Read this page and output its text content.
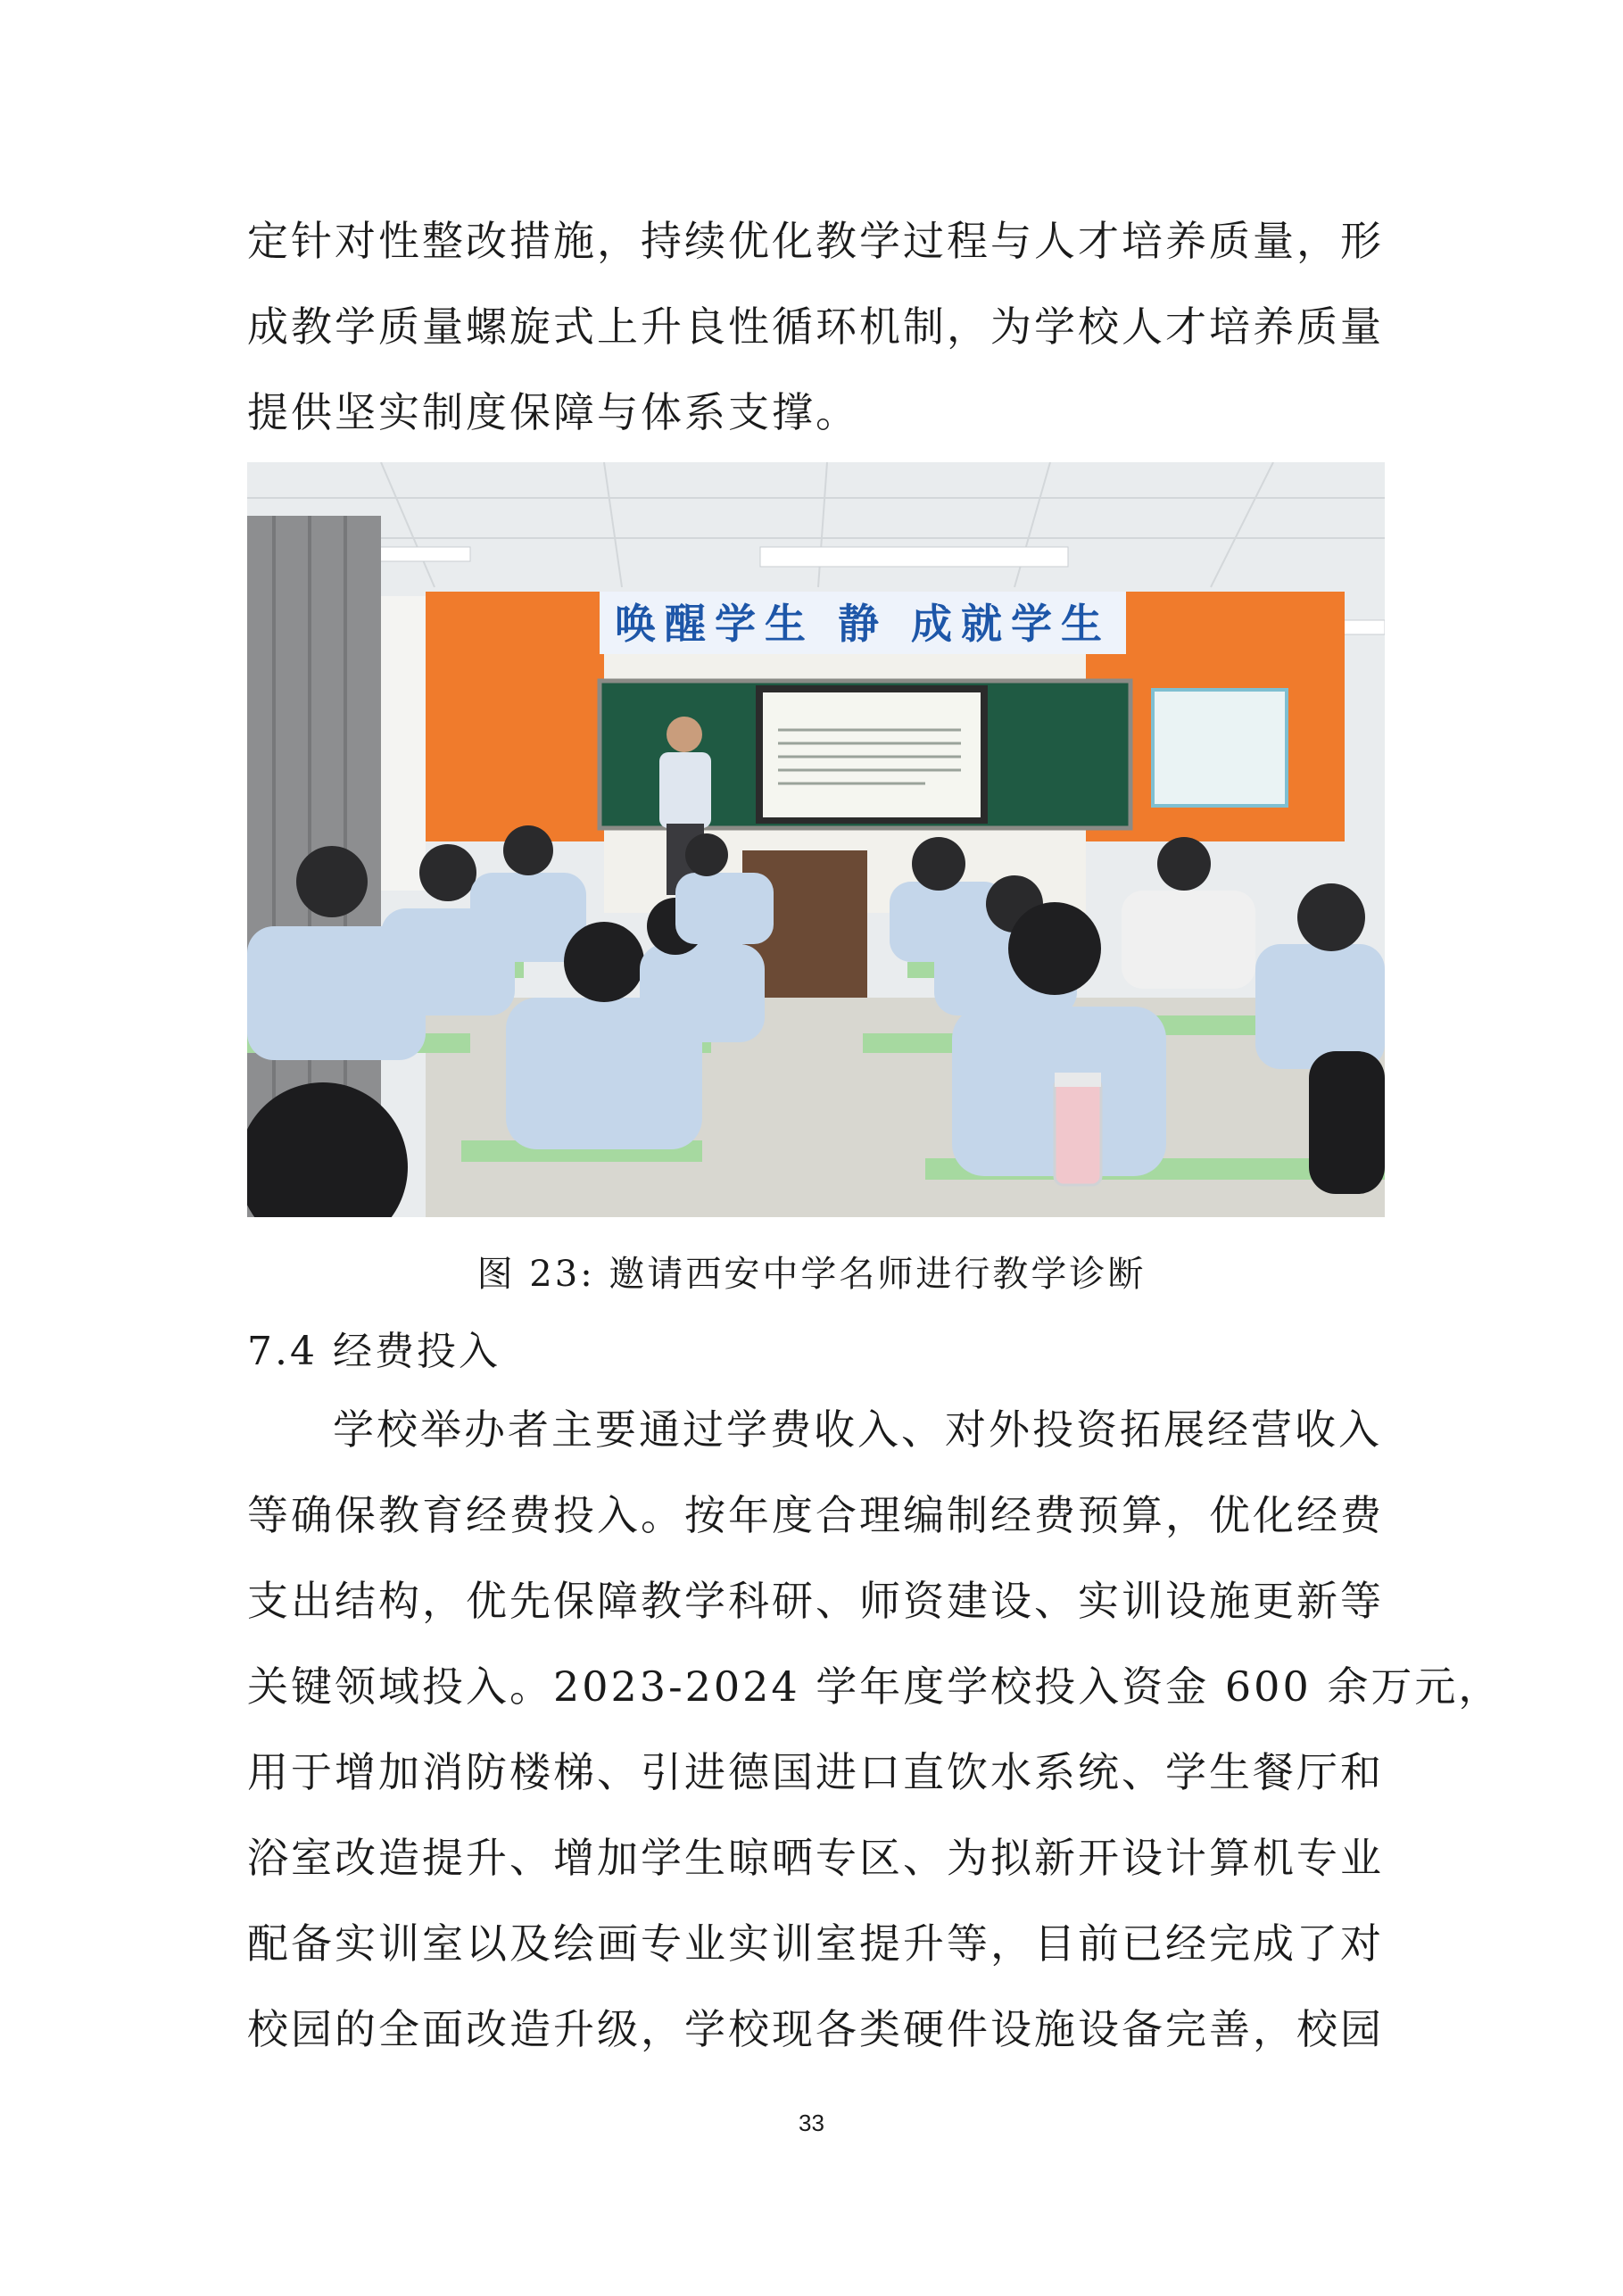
定针对性整改措施，持续优化教学过程与人才培养质量，形
成教学质量螺旋式上升良性循环机制，为学校人才培养质量
提供坚实制度保障与体系支撑。
唤醒学生 静 成就学生
图 23: 邀请西安中学名师进行教学诊断
7.4 经费投入
学校举办者主要通过学费收入、对外投资拓展经营收入
等确保教育经费投入。按年度合理编制经费预算，优化经费
支出结构，优先保障教学科研、师资建设、实训设施更新等
关键领域投入。2023-2024 学年度学校投入资金 600 余万元，
用于增加消防楼梯、引进德国进口直饮水系统、学生餐厅和
浴室改造提升、增加学生晾晒专区、为拟新开设计算机专业
配备实训室以及绘画专业实训室提升等，目前已经完成了对
校园的全面改造升级，学校现各类硬件设施设备完善，校园
33
